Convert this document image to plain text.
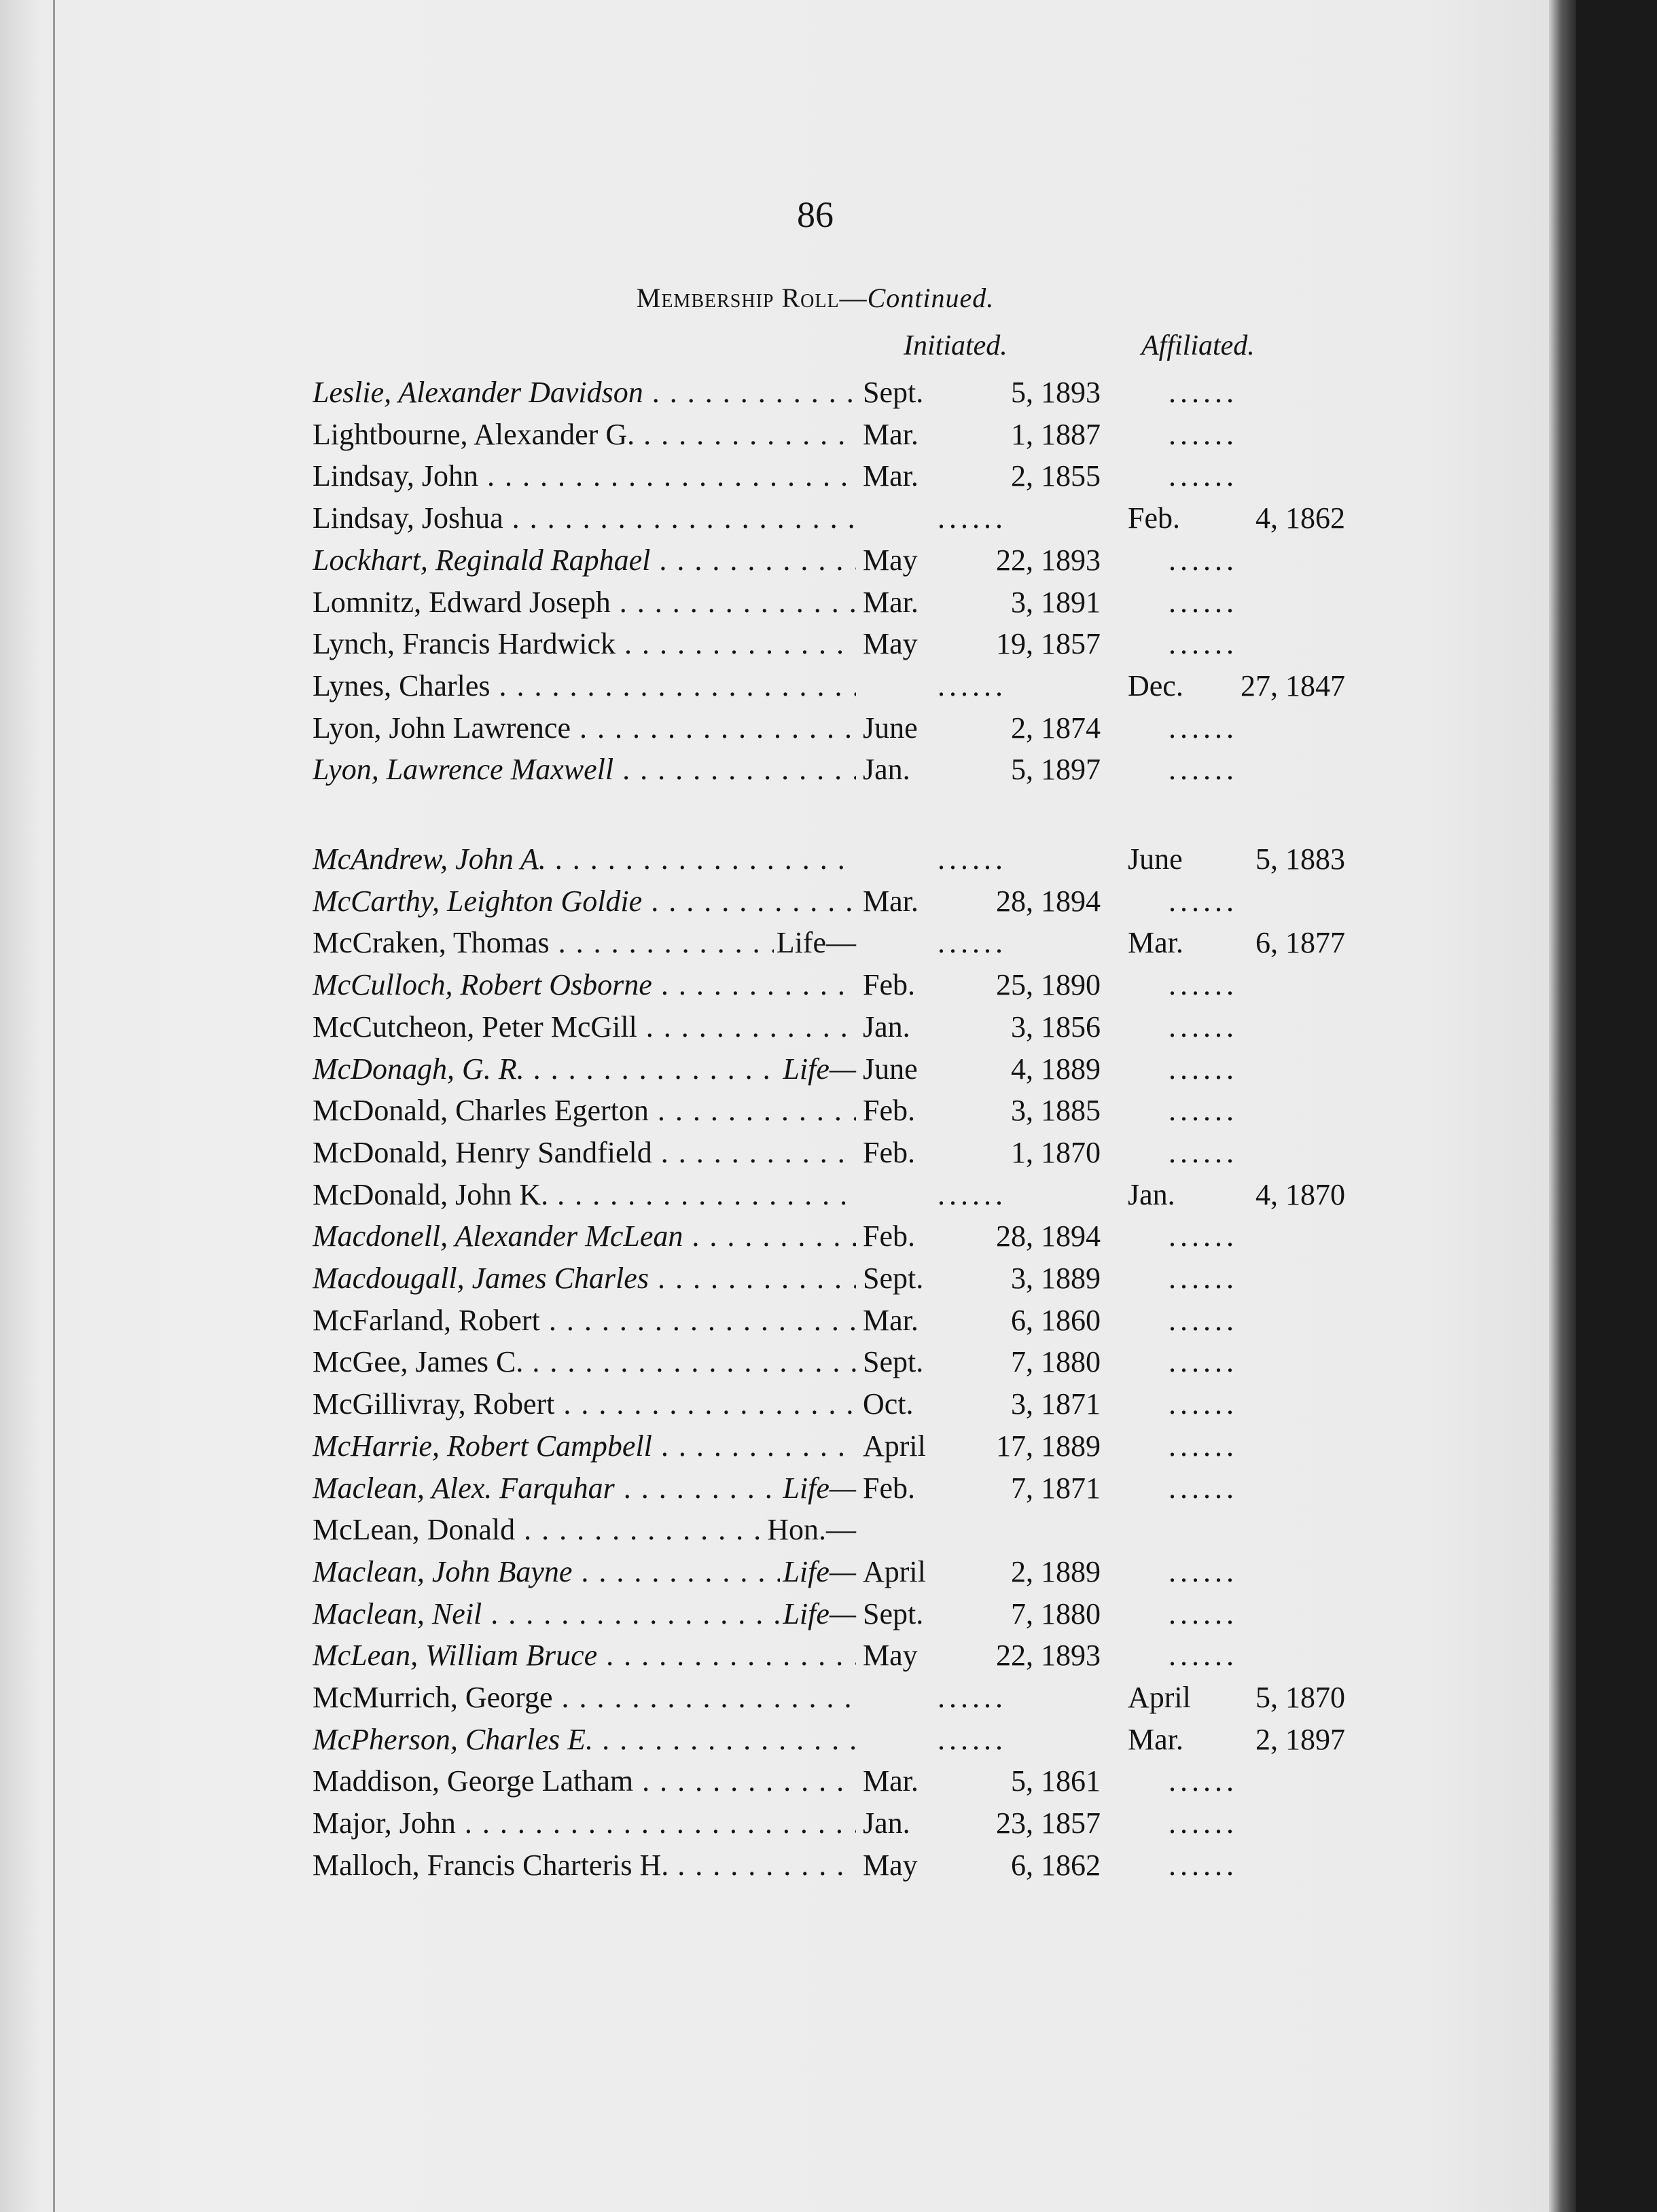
86
Membership Roll—Continued.
Initiated.	Affiliated.
Leslie, Alexander Davidson . . .	Sept.	5, 1893 ......
Lightbourne, Alexander G. . . .	Mar.	1, 1887 ......
Lindsay, John . . .	Mar.	2, 1855 ......
Lindsay, Joshua . . .	......	Feb.	4, 1862
Lockhart, Reginald Raphael . . .	May	22, 1893 ......
Lomnitz, Edward Joseph . . .	Mar.	3, 1891 ......
Lynch, Francis Hardwick . . .	May	19, 1857 ......
Lynes, Charles . . .	......	Dec. 27, 1847
Lyon, John Lawrence . . .	June	2, 1874 ......
Lyon, Lawrence Maxwell . . .	Jan.	5, 1897 ......
McAndrew, John A. . . .	......	June 5, 1883
McCarthy, Leighton Goldie . . .	Mar.	28, 1894 ......
McCraken, Thomas . . .	Life—	......	Mar. 6, 1877
McCulloch, Robert Osborne . . .	Feb.	25, 1890 ......
McCutcheon, Peter McGill . . .	Jan.	3, 1856 ......
McDonagh, G. R. . . .	Life— June	4, 1889 ......
McDonald, Charles Egerton . . .	Feb.	3, 1885 ......
McDonald, Henry Sandfield . . .	Feb.	1, 1870 ......
McDonald, John K. . . .	......	Jan.	4, 1870
Macdonell, Alexander McLean . . .	Feb.	28, 1894 ......
Macdougall, James Charles . . .	Sept.	3, 1889 ......
McFarland, Robert . . .	Mar.	6, 1860 ......
McGee, James C. . . .	Sept.	7, 1880 ......
McGillivray, Robert . . .	Oct.	3, 1871 ......
McHarrie, Robert Campbell . . .	April 17, 1889 ......
Maclean, Alex. Farquhar . . .	Life— Feb.	7, 1871 ......
McLean, Donald . . .	Hon.—
Maclean, John Bayne . . .	Life— April	2, 1889 ......
Maclean, Neil . . .	Life— Sept.	7, 1880 ......
McLean, William Bruce . . .	May	22, 1893 ......
McMurrich, George . . .	......	April 5, 1870
McPherson, Charles E. . . .	......	Mar. 2, 1897
Maddison, George Latham . . .	Mar.	5, 1861 ......
Major, John . . .	Jan.	23, 1857 ......
Malloch, Francis Charteris H. . . .	May	6, 1862 ......
